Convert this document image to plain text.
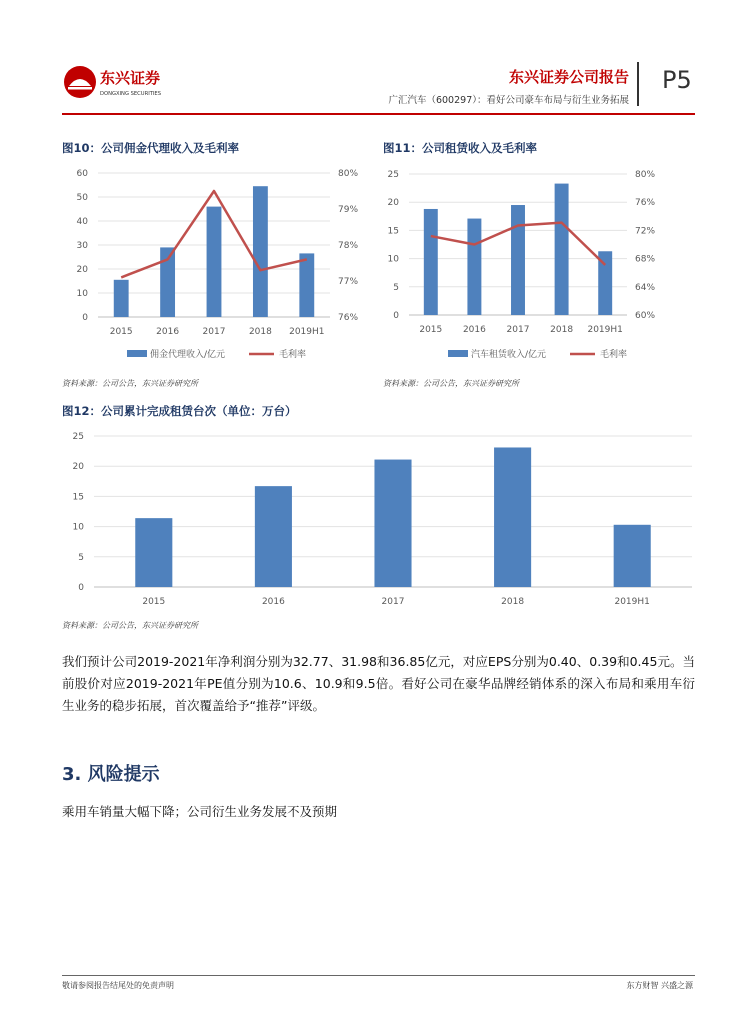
东兴证券
DONGXING SECURITIES
东兴证券公司报告
广汇汽车（600297）：看好公司豪车布局与衍生业务拓展
P5
图10：公司佣金代理收入及毛利率
佣金代理收入/亿元	毛利率
0
10
20
30
40
50
60
76%
77%
78%
79%
80%
2015	2016	2017	2018 2019H1
资料来源：公司公告，东兴证券研究所
图11：公司租赁收入及毛利率
汽车租赁收入/亿元	毛利率
0
5
10
15
20
25
60%
64%
68%
72%
76%
80%
2015 2016 2017 2018 2019H1
资料来源：公司公告，东兴证券研究所
图12：公司累计完成租赁台次（单位：万台）
0
5
10
15
20
25
2015	2016	2017	2018	2019H1
资料来源：公司公告，东兴证券研究所
我们预计公司2019-2021年净利润分别为32.77、31.98和36.85亿元，对应EPS分别为0.40、0.39和0.45元。当前股价对应2019-2021年PE值分别为10.6、10.9和9.5倍。看好公司在豪华品牌经销体系的深入布局和乘用车衍生业务的稳步拓展，首次覆盖给予“推荐”评级。
3. 风险提示
乘用车销量大幅下降；公司衍生业务发展不及预期
敬请参阅报告结尾处的免责声明	东方财智 兴盛之源
